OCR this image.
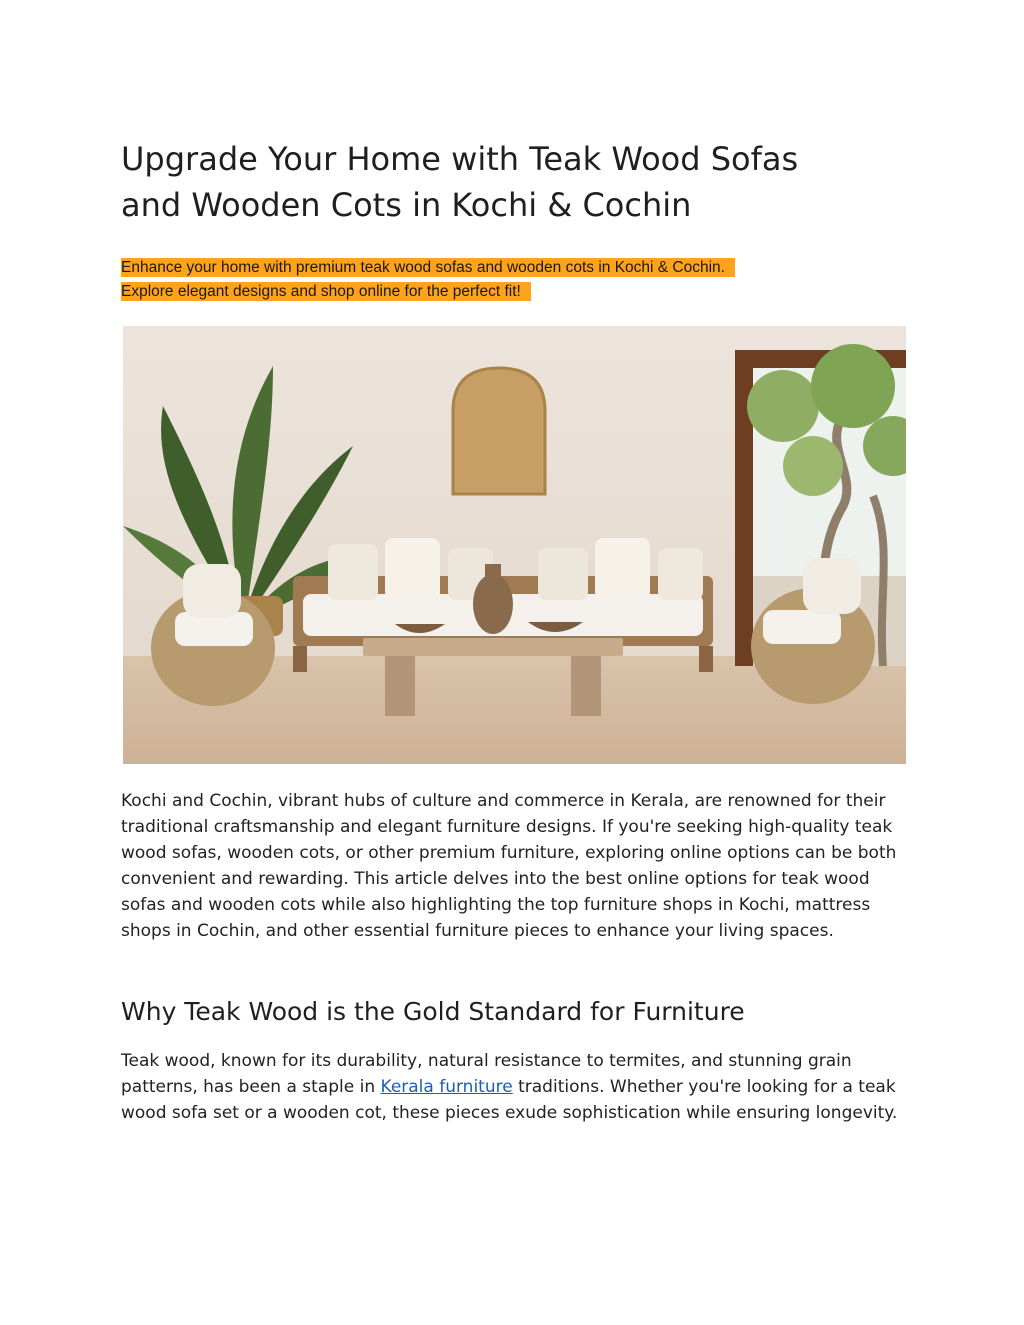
Upgrade Your Home with Teak Wood Sofas
and Wooden Cots in Kochi & Cochin
Enhance your home with premium teak wood sofas and wooden cots in Kochi & Cochin.
Explore elegant designs and shop online for the perfect fit!

Kochi and Cochin, vibrant hubs of culture and commerce in Kerala, are renowned for their traditional craftsmanship and elegant furniture designs. If you're seeking high-quality teak wood sofas, wooden cots, or other premium furniture, exploring online options can be both convenient and rewarding. This article delves into the best online options for teak wood sofas and wooden cots while also highlighting the top furniture shops in Kochi, mattress shops in Cochin, and other essential furniture pieces to enhance your living spaces.

Why Teak Wood is the Gold Standard for Furniture

Teak wood, known for its durability, natural resistance to termites, and stunning grain patterns, has been a staple in Kerala furniture traditions. Whether you're looking for a teak wood sofa set or a wooden cot, these pieces exude sophistication while ensuring longevity.
